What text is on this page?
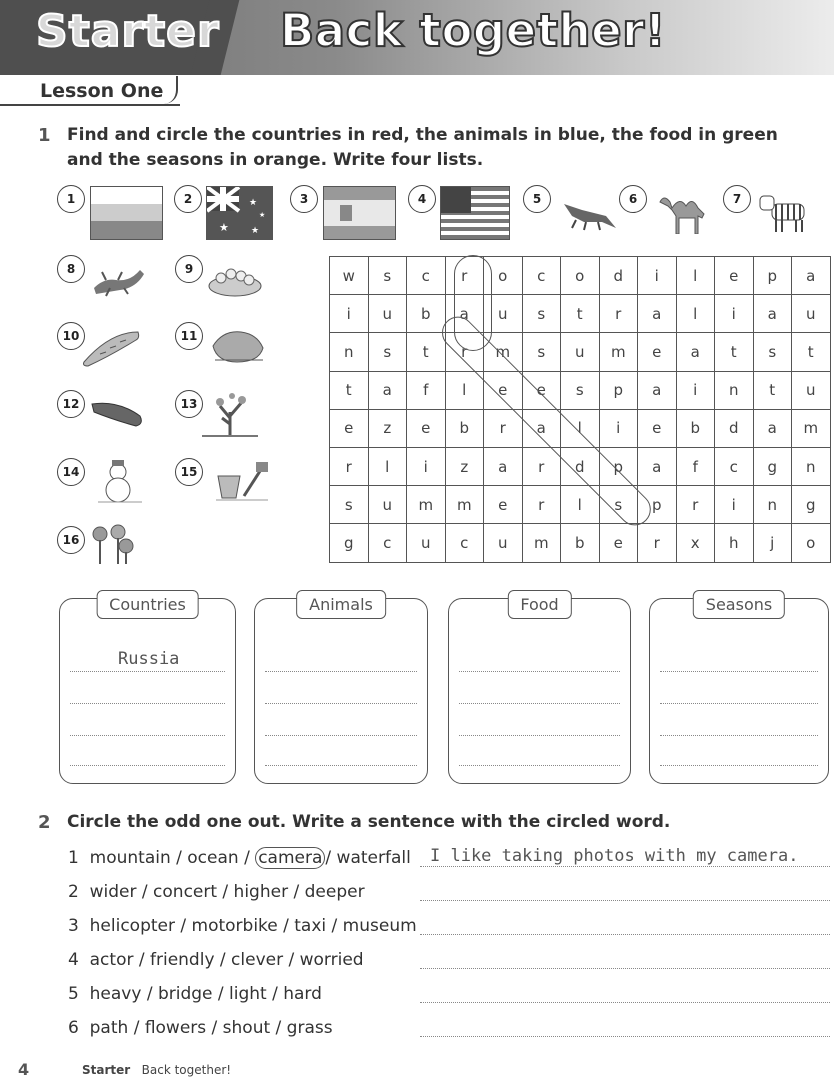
Starter Back together!
Lesson One
1 Find and circle the countries in red, the animals in blue, the food in green
and the seasons in orange. Write four lists.
1	2	★
★
★
★
3	4	5	6	7
8	9
10	11
12	13
14	15
16
w	s	c	r	o	c	o	d	i	l	e	p	a
i	u	b	a	u	s	t	r	a	l	i	a	u
n	s	t	r	m	s	u	m	e	a	t	s	t
t	a	f	l	e	e	s	p	a	i	n	t	u
e	z	e	b	r	a	l	i	e	b	d	a	m
r	l	i	z	a	r	d	p	a	f	c	g	n
s	u	m	m	e	r	l	s	p	r	i	n	g
g	c	u	c	u	m	b	e	r	x	h	j	o
Countries
Russia
Animals	Food	Seasons
2 Circle the odd one out. Write a sentence with the circled word.
1 mountain / ocean / camera / waterfall I like taking photos with my camera.
2 wider / concert / higher / deeper
3 helicopter / motorbike / taxi / museum
4 actor / friendly / clever / worried
5 heavy / bridge / light / hard
6 path / flowers / shout / grass
4	Starter Back together!
